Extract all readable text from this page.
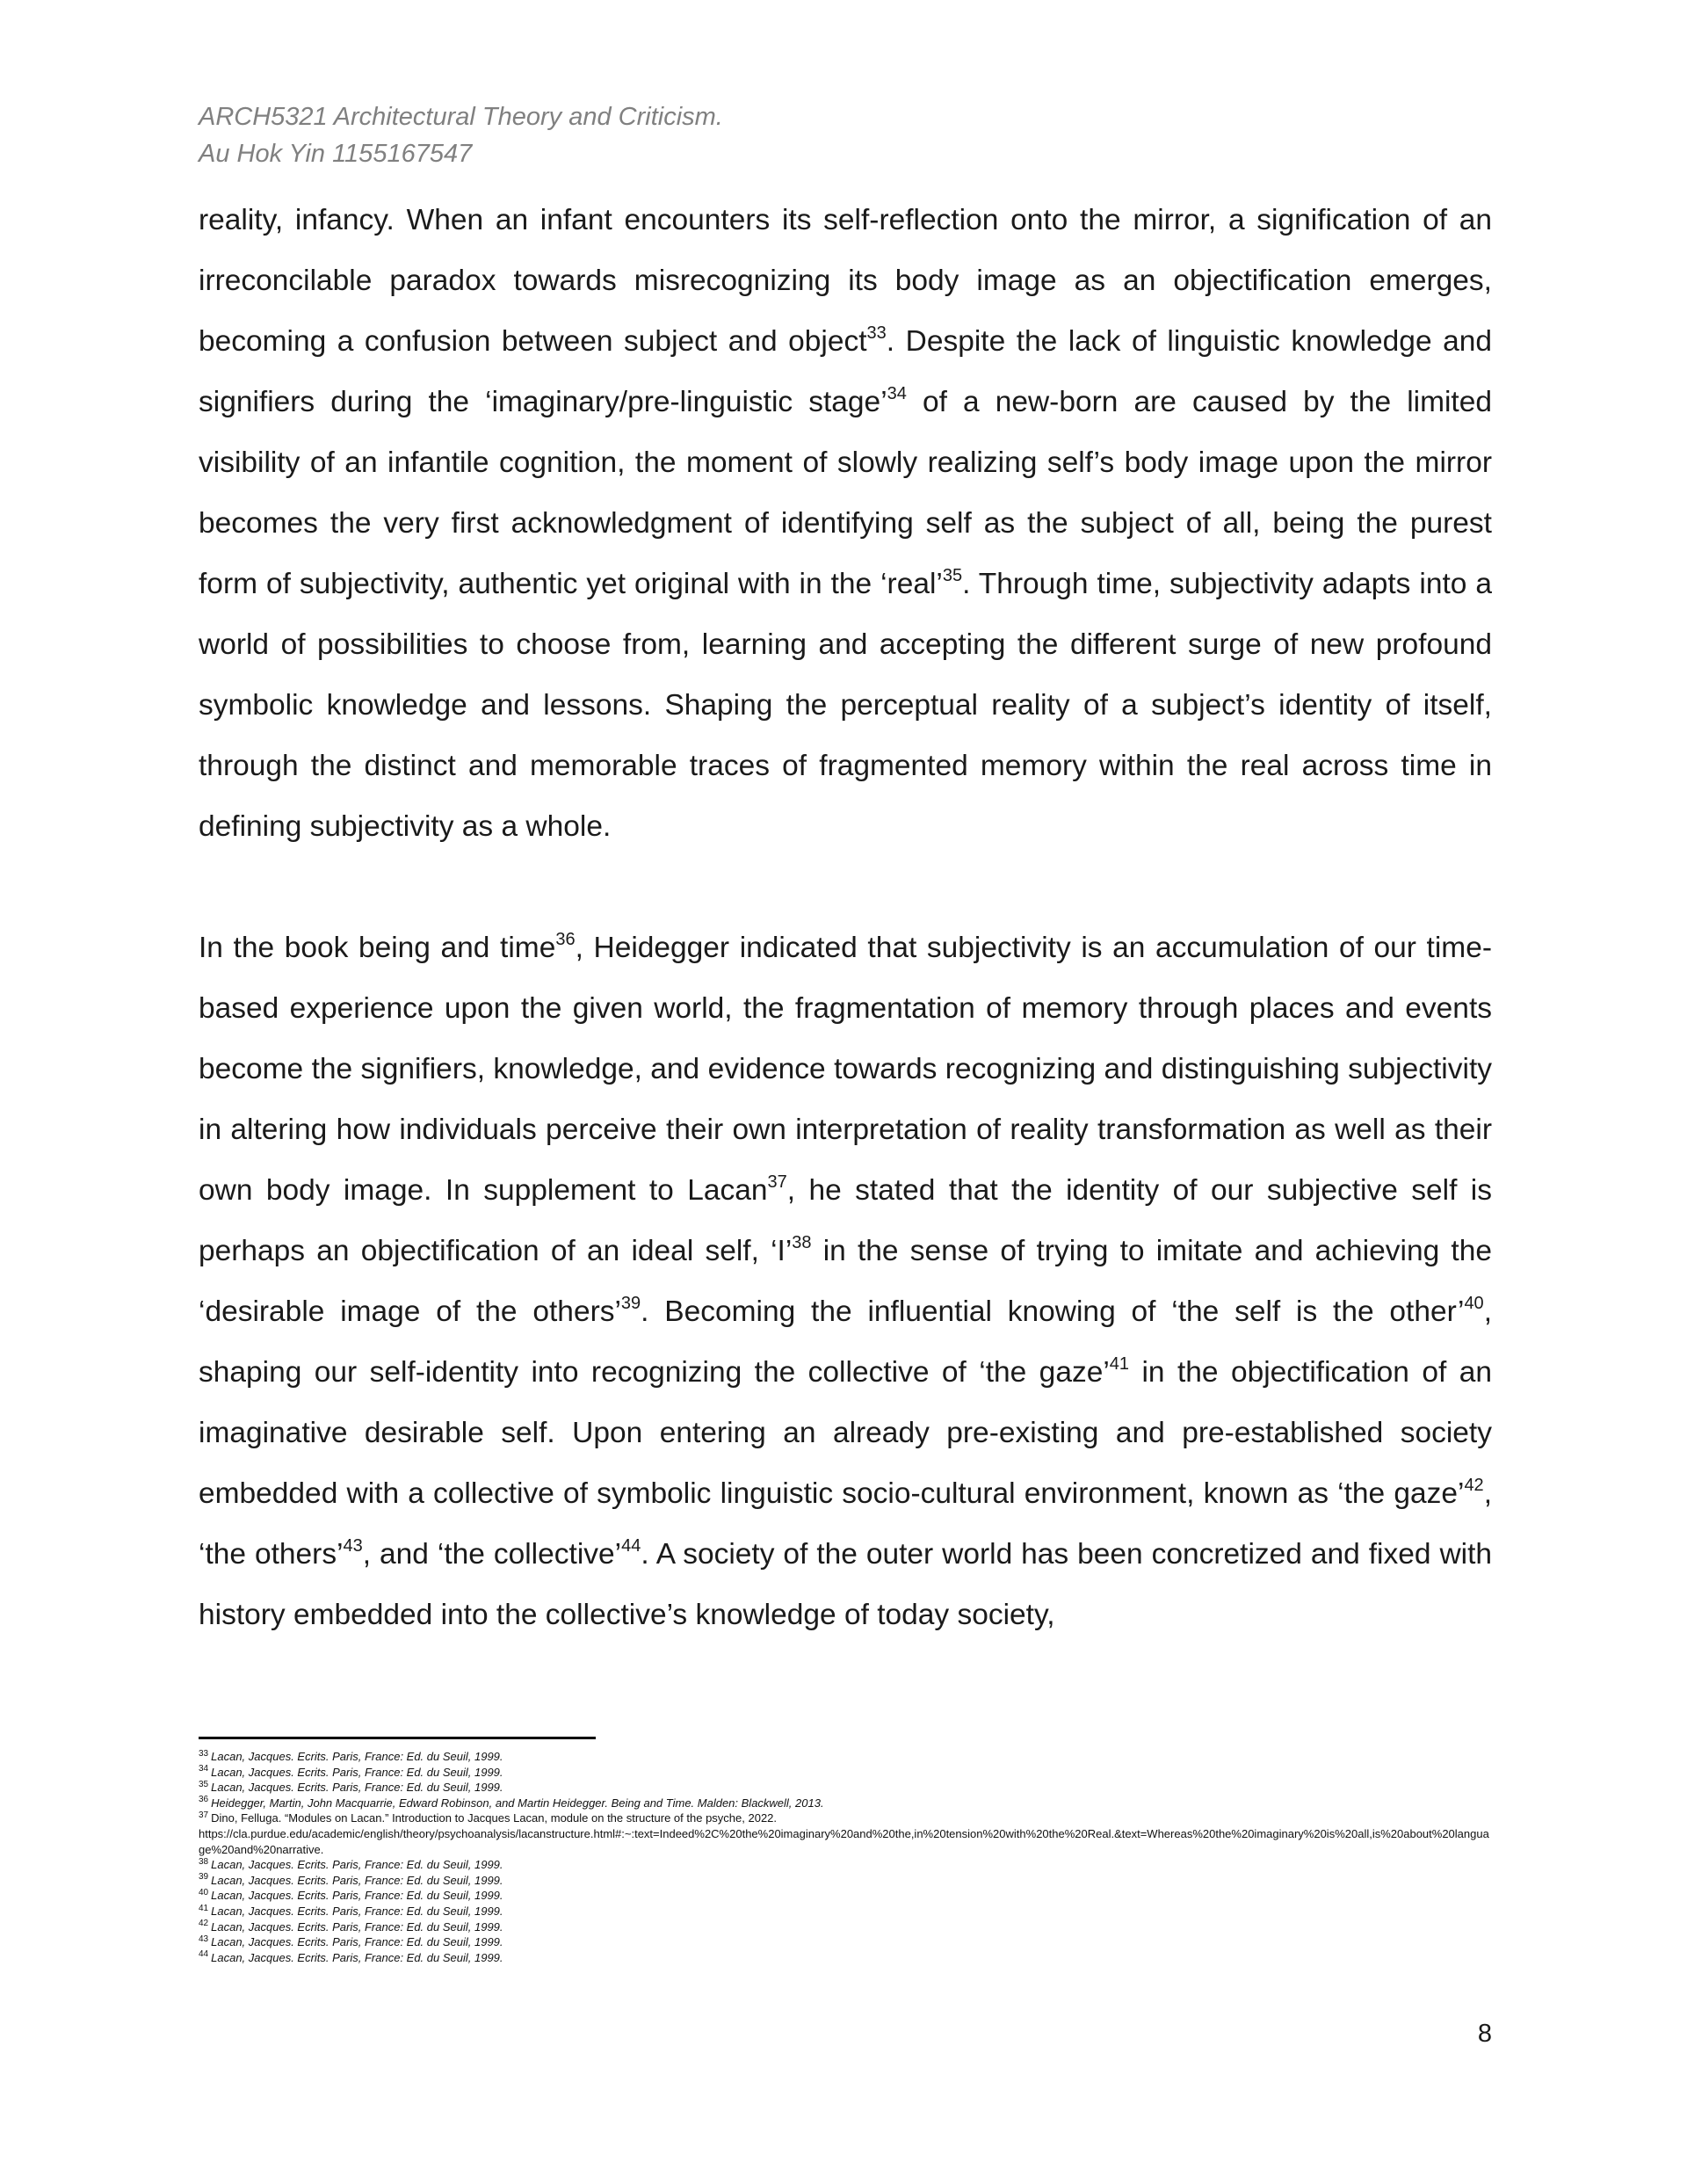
ARCH5321 Architectural Theory and Criticism.
Au Hok Yin 1155167547

reality, infancy. When an infant encounters its self-reflection onto the mirror, a signification of an irreconcilable paradox towards misrecognizing its body image as an objectification emerges, becoming a confusion between subject and object$^{33}$. Despite the lack of linguistic knowledge and signifiers during the ‘imaginary/pre-linguistic stage’$^{34}$ of a new-born are caused by the limited visibility of an infantile cognition, the moment of slowly realizing self’s body image upon the mirror becomes the very first acknowledgment of identifying self as the subject of all, being the purest form of subjectivity, authentic yet original with in the ‘real’$^{35}$. Through time, subjectivity adapts into a world of possibilities to choose from, learning and accepting the different surge of new profound symbolic knowledge and lessons. Shaping the perceptual reality of a subject’s identity of itself, through the distinct and memorable traces of fragmented memory within the real across time in defining subjectivity as a whole.

In the book being and time$^{36}$, Heidegger indicated that subjectivity is an accumulation of our time-based experience upon the given world, the fragmentation of memory through places and events become the signifiers, knowledge, and evidence towards recognizing and distinguishing subjectivity in altering how individuals perceive their own interpretation of reality transformation as well as their own body image. In supplement to Lacan$^{37}$, he stated that the identity of our subjective self is perhaps an objectification of an ideal self, ‘I’$^{38}$ in the sense of trying to imitate and achieving the ‘desirable image of the others’$^{39}$. Becoming the influential knowing of ‘the self is the other’$^{40}$, shaping our self-identity into recognizing the collective of ‘the gaze’$^{41}$ in the objectification of an imaginative desirable self. Upon entering an already pre-existing and pre-established society embedded with a collective of symbolic linguistic socio-cultural environment, known as ‘the gaze’$^{42}$, ‘the others’$^{43}$, and ‘the collective’$^{44}$. A society of the outer world has been concretized and fixed with history embedded into the collective’s knowledge of today society,

$^{33}$ Lacan, Jacques. Ecrits. Paris, France: Ed. du Seuil, 1999.
$^{34}$ Lacan, Jacques. Ecrits. Paris, France: Ed. du Seuil, 1999.
$^{35}$ Lacan, Jacques. Ecrits. Paris, France: Ed. du Seuil, 1999.
$^{36}$ Heidegger, Martin, John Macquarrie, Edward Robinson, and Martin Heidegger. Being and Time. Malden: Blackwell, 2013.
$^{37}$ Dino, Felluga. “Modules on Lacan.” Introduction to Jacques Lacan, module on the structure of the psyche, 2022.
https://cla.purdue.edu/academic/english/theory/psychoanalysis/lacanstructure.html#:~:text=Indeed%2C%20the%20imaginary%20and%20the,in%20tension%20with%20the%20Real.&text=Whereas%20the%20imaginary%20is%20all,is%20about%20language%20and%20narrative.
$^{38}$ Lacan, Jacques. Ecrits. Paris, France: Ed. du Seuil, 1999.
$^{39}$ Lacan, Jacques. Ecrits. Paris, France: Ed. du Seuil, 1999.
$^{40}$ Lacan, Jacques. Ecrits. Paris, France: Ed. du Seuil, 1999.
$^{41}$ Lacan, Jacques. Ecrits. Paris, France: Ed. du Seuil, 1999.
$^{42}$ Lacan, Jacques. Ecrits. Paris, France: Ed. du Seuil, 1999.
$^{43}$ Lacan, Jacques. Ecrits. Paris, France: Ed. du Seuil, 1999.
$^{44}$ Lacan, Jacques. Ecrits. Paris, France: Ed. du Seuil, 1999.
8
